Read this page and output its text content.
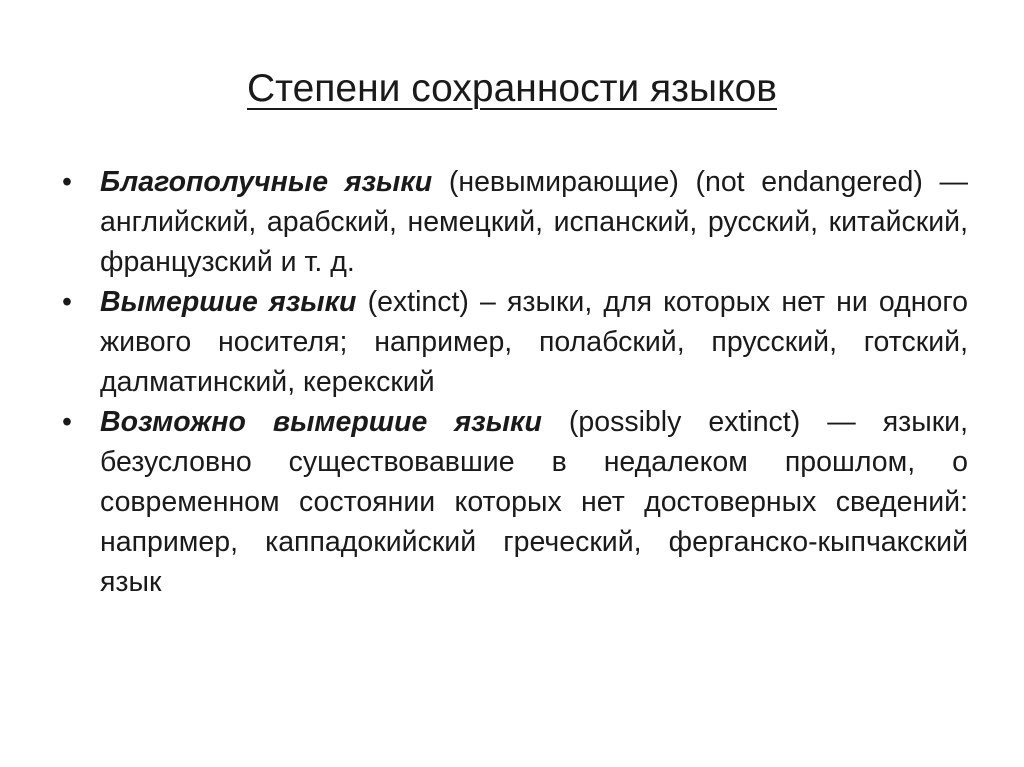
Степени сохранности языков
• Благополучные языки (невымирающие) (not endangered) — английский, арабский, немецкий, испанский, русский, китайский, французский и т. д.
• Вымершие языки (extinct) – языки, для которых нет ни одного живого носителя; например, полабский, прусский, готский, далматинский, керекский
• Возможно вымершие языки (possibly extinct) — языки, безусловно существовавшие в недалеком прошлом, о современном состоянии которых нет достоверных сведений: например, каппадокийский греческий, ферганско-кыпчакский язык
